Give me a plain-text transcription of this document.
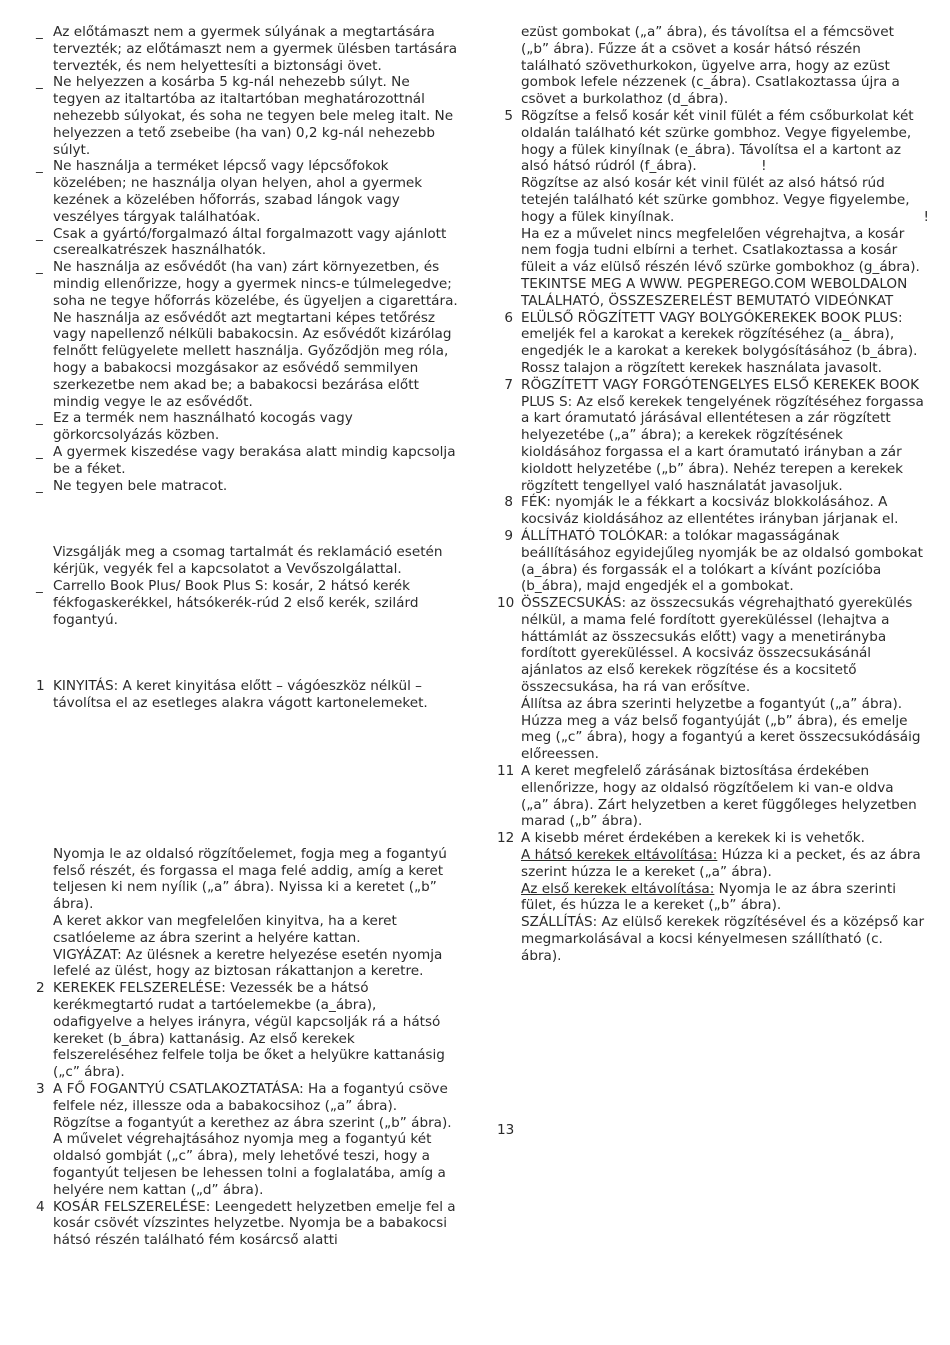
_ Az előtámaszt nem a gyermek súlyának a megtartására tervezték; az előtámaszt nem a gyermek ülésben tartására tervezték, és nem helyettesíti a biztonsági övet.
_ Ne helyezzen a kosárba 5 kg-nál nehezebb súlyt. Ne tegyen az italtartóba az italtartóban meghatározottnál nehezebb súlyokat, és soha ne tegyen bele meleg italt. Ne helyezzen a tető zsebeibe (ha van) 0,2 kg-nál nehezebb súlyt.
_ Ne használja a terméket lépcső vagy lépcsőfokok közelében; ne használja olyan helyen, ahol a gyermek kezének a közelében hőforrás, szabad lángok vagy veszélyes tárgyak találhatóak.
_ Csak a gyártó/forgalmazó által forgalmazott vagy ajánlott cserealkatrészek használhatók.
_ Ne használja az esővédőt (ha van) zárt környezetben, és mindig ellenőrizze, hogy a gyermek nincs-e túlmelegedve; soha ne tegye hőforrás közelébe, és ügyeljen a cigarettára. Ne használja az esővédőt azt megtartani képes tetőrész vagy napellenző nélküli babakocsin. Az esővédőt kizárólag felnőtt felügyelete mellett használja. Győződjön meg róla, hogy a babakocsi mozgásakor az esővédő semmilyen szerkezetbe nem akad be; a babakocsi bezárása előtt mindig vegye le az esővédőt.
_ Ez a termék nem használható kocogás vagy görkorcsolyázás közben.
_ A gyermek kiszedése vagy berakása alatt mindig kapcsolja be a féket.
_ Ne tegyen bele matracot.
Vizsgálják meg a csomag tartalmát és reklamáció esetén kérjük, vegyék fel a kapcsolatot a Vevőszolgálattal.
_ Carrello Book Plus/ Book Plus S: kosár, 2 hátsó kerék fékfogaskerékkel, hátsókerék-rúd 2 első kerék, szilárd fogantyú.
1 KINYITÁS: A keret kinyitása előtt – vágóeszköz nélkül – távolítsa el az esetleges alakra vágott kartonelemeket.
Nyomja le az oldalsó rögzítőelemet, fogja meg a fogantyú felső részét, és forgassa el maga felé addig, amíg a keret teljesen ki nem nyílik („a” ábra). Nyissa ki a keretet („b” ábra).
A keret akkor van megfelelően kinyitva, ha a keret csatlóeleme az ábra szerint a helyére kattan.
VIGYÁZAT: Az ülésnek a keretre helyezése esetén nyomja lefelé az ülést, hogy az biztosan rákattanjon a keretre.
2 KEREKEK FELSZERELÉSE: Vezessék be a hátsó kerékmegtartó rudat a tartóelemekbe (a_ábra), odafigyelve a helyes irányra, végül kapcsolják rá a hátsó kereket (b_ábra) kattanásig. Az első kerekek felszereléséhez felfele tolja be őket a helyükre kattanásig („c” ábra).
3 A FŐ FOGANTYÚ CSATLAKOZTATÁSA: Ha a fogantyú csöve felfele néz, illessze oda a babakocsihoz („a” ábra). Rögzítse a fogantyút a kerethez az ábra szerint („b” ábra). A művelet végrehajtásához nyomja meg a fogantyú két oldalsó gombját („c” ábra), mely lehetővé teszi, hogy a fogantyút teljesen be lehessen tolni a foglalatába, amíg a helyére nem kattan („d” ábra).
4 KOSÁR FELSZERELÉSE: Leengedett helyzetben emelje fel a kosár csövét vízszintes helyzetbe. Nyomja be a babakocsi hátsó részén található fém kosárcső alatti
ezüst gombokat („a” ábra), és távolítsa el a fémcsövet („b” ábra). Fűzze át a csövet a kosár hátsó részén található szövethurkokon, ügyelve arra, hogy az ezüst gombok lefele nézzenek (c_ábra). Csatlakoztassa újra a csövet a burkolathoz (d_ábra).
5 Rögzítse a felső kosár két vinil fülét a fém csőburkolat két oldalán található két szürke gombhoz. Vegye figyelembe, hogy a fülek kinyílnak (e_ábra). Távolítsa el a kartont az alsó hátsó rúdról (f_ábra).	!
Rögzítse az alsó kosár két vinil fülét az alsó hátsó rúd tetején található két szürke gombhoz. Vegye figyelembe, hogy a fülek kinyílnak.	!
Ha ez a művelet nincs megfelelően végrehajtva, a kosár nem fogja tudni elbírni a terhet. Csatlakoztassa a kosár füleit a váz elülső részén lévő szürke gombokhoz (g_ábra). TEKINTSE MEG A WWW. PEGPEREGO.COM WEBOLDALON TALÁLHATÓ, ÖSSZESZERELÉST BEMUTATÓ VIDEÓNKAT
6 ELÜLSŐ RÖGZÍTETT VAGY BOLYGÓKEREKEK BOOK PLUS: emeljék fel a karokat a kerekek rögzítéséhez (a_ ábra), engedjék le a karokat a kerekek bolygósításához (b_ábra). Rossz talajon a rögzített kerekek használata javasolt.
7 RÖGZÍTETT VAGY FORGÓTENGELYES ELSŐ KEREKEK BOOK PLUS S: Az első kerekek tengelyének rögzítéséhez forgassa a kart óramutató járásával ellentétesen a zár rögzített helyezetébe („a” ábra); a kerekek rögzítésének kioldásához forgassa el a kart óramutató irányban a zár kioldott helyzetébe („b” ábra). Nehéz terepen a kerekek rögzített tengellyel való használatát javasoljuk.
8 FÉK: nyomják le a fékkart a kocsiváz blokkolásához. A kocsiváz kioldásához az ellentétes irányban járjanak el.
9 ÁLLÍTHATÓ TOLÓKAR: a tolókar magasságának beállításához egyidejűleg nyomják be az oldalsó gombokat (a_ábra) és forgassák el a tolókart a kívánt pozícióba (b_ábra), majd engedjék el a gombokat.
10 ÖSSZECSUKÁS: az összecsukás végrehajtható gyerekülés nélkül, a mama felé fordított gyereküléssel (lehajtva a háttámlát az összecsukás előtt) vagy a menetirányba fordított gyereküléssel. A kocsiváz összecsukásánál ajánlatos az első kerekek rögzítése és a kocsitető összecsukása, ha rá van erősítve.
Állítsa az ábra szerinti helyzetbe a fogantyút („a” ábra).
Húzza meg a váz belső fogantyúját („b” ábra), és emelje meg („c” ábra), hogy a fogantyú a keret összecsukódásáig előreessen.
11 A keret megfelelő zárásának biztosítása érdekében ellenőrizze, hogy az oldalsó rögzítőelem ki van-e oldva („a” ábra). Zárt helyzetben a keret függőleges helyzetben marad („b” ábra).
12 A kisebb méret érdekében a kerekek ki is vehetők.
A hátsó kerekek eltávolítása: Húzza ki a pecket, és az ábra szerint húzza le a kereket („a” ábra).
Az első kerekek eltávolítása: Nyomja le az ábra szerinti fület, és húzza le a kereket („b” ábra).
SZÁLLÍTÁS: Az elülső kerekek rögzítésével és a középső kar megmarkolásával a kocsi kényelmesen szállítható (c. ábra).
13
